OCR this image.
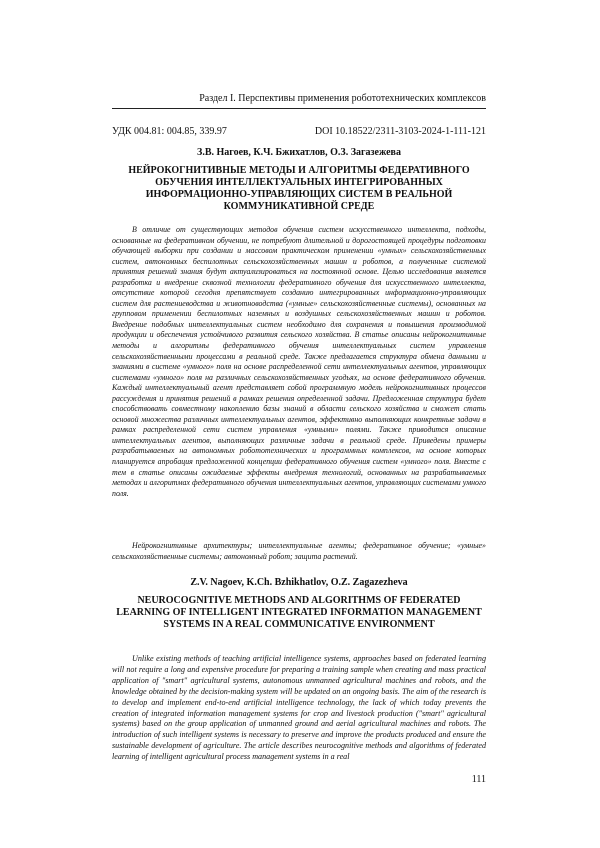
Раздел I. Перспективы применения робототехнических комплексов
УДК 004.81: 004.85, 339.97	DOI 10.18522/2311-3103-2024-1-111-121
З.В. Нагоев, К.Ч. Бжихатлов, О.З. Загазежева
НЕЙРОКОГНИТИВНЫЕ МЕТОДЫ И АЛГОРИТМЫ ФЕДЕРАТИВНОГО ОБУЧЕНИЯ ИНТЕЛЛЕКТУАЛЬНЫХ ИНТЕГРИРОВАННЫХ ИНФОРМАЦИОННО-УПРАВЛЯЮЩИХ СИСТЕМ В РЕАЛЬНОЙ КОММУНИКАТИВНОЙ СРЕДЕ

В отличие от существующих методов обучения систем искусственного интеллекта, подходы, основанные на федеративном обучении, не потребуют длительной и дорогостоящей процедуры подготовки обучающей выборки при создании и массовом практическом применении «умных» сельскохозяйственных систем, автономных беспилотных сельскохозяйственных машин и роботов, а полученные системой принятия решений знания будут актуализироваться на постоянной основе. Целью исследования является разработка и внедрение сквозной технологии федеративного обучения для искусственного интеллекта, отсутствие которой сегодня препятствует созданию интегрированных информационно-управляющих систем для растениеводства и животноводства («умные» сельскохозяйственные системы), основанных на групповом применении беспилотных наземных и воздушных сельскохозяйственных машин и роботов. Внедрение подобных интеллектуальных систем необходимо для сохранения и повышения производимой продукции и обеспечения устойчивого развития сельского хозяйства. В статье описаны нейрокогнитивные методы и алгоритмы федеративного обучения интеллектуальных систем управления сельскохозяйственными процессами в реальной среде. Также предлагается структура обмена данными и знаниями в системе «умного» поля на основе распределенной сети интеллектуальных агентов, управляющих системами «умного» поля на различных сельскохозяйственных угодьях, на основе федеративного обучения. Каждый интеллектуальный агент представляет собой программную модель нейрокогнитивных процессов рассуждения и принятия решений в рамках решения определенной задачи. Предложенная структура будет способствовать совместному накоплению базы знаний в области сельского хозяйства и сможет стать основой множества различных интеллектуальных агентов, эффективно выполняющих конкретные задачи в рамках распределенной сети систем управления «умными» полями. Также приводится описание интеллектуальных агентов, выполняющих различные задачи в реальной среде. Приведены примеры разрабатываемых на автономных робототехнических и программных комплексов, на основе которых планируется апробация предложенной концепции федеративного обучения систем «умного» поля. Вместе с тем в статье описаны ожидаемые эффекты внедрения технологий, основанных на разрабатываемых методах и алгоритмах федеративного обучения интеллектуальных агентов, управляющих системами умного поля.

Нейрокогнитивные архитектуры; интеллектуальные агенты; федеративное обучение; «умные» сельскохозяйственные системы; автономный робот; защита растений.

Z.V. Nagoev, K.Ch. Bzhikhatlov, O.Z. Zagazezheva
NEUROCOGNITIVE METHODS AND ALGORITHMS OF FEDERATED LEARNING OF INTELLIGENT INTEGRATED INFORMATION MANAGEMENT SYSTEMS IN A REAL COMMUNICATIVE ENVIRONMENT

Unlike existing methods of teaching artificial intelligence systems, approaches based on federated learning will not require a long and expensive procedure for preparing a training sample when creating and mass practical application of "smart" agricultural systems, autonomous unmanned agricultural machines and robots, and the knowledge obtained by the decision-making system will be updated on an ongoing basis. The aim of the research is to develop and implement end-to-end artificial intelligence technology, the lack of which today prevents the creation of integrated information management systems for crop and livestock production ("smart" agricultural systems) based on the group application of unmanned ground and aerial agricultural machines and robots. The introduction of such intelligent systems is necessary to preserve and improve the products produced and ensure the sustainable development of agriculture. The article describes neurocognitive methods and algorithms of federated learning of intelligent agricultural process management systems in a real

111
